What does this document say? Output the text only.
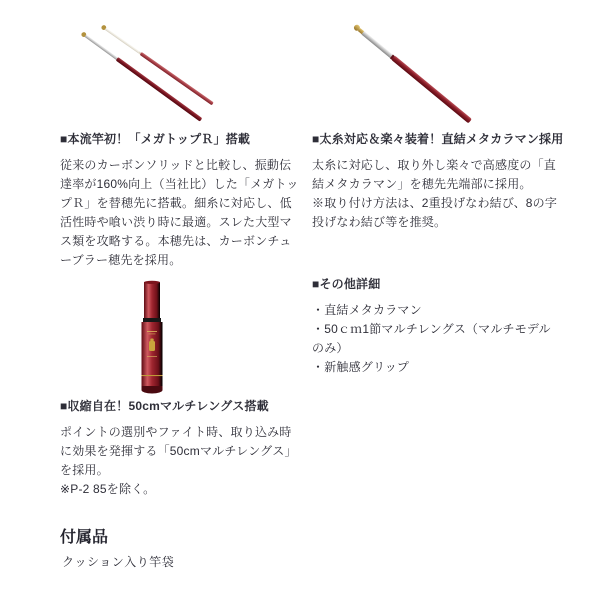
■本流竿初！「メガトップＲ」搭載
従来のカーボンソリッドと比較し、振動伝達率が160%向上（当社比）した「メガトップＲ」を替穂先に搭載。細糸に対応し、低活性時や喰い渋り時に最適。スレた大型マス類を攻略する。本穂先は、カーボンチューブラー穂先を採用。
■太糸対応＆楽々装着！直結メタカラマン採用
太糸に対応し、取り外し楽々で高感度の「直結メタカラマン」を穂先先端部に採用。
※取り付け方法は、2重投げなわ結び、8の字投げなわ結び等を推奨。
■その他詳細
・直結メタカラマン
・50ｃｍ1節マルチレングス（マルチモデルのみ）
・新触感グリップ
■収縮自在！50cmマルチレングス搭載
ポイントの選別やファイト時、取り込み時に効果を発揮する「50cmマルチレングス」を採用。
※P-2 85を除く。
付属品
クッション入り竿袋
